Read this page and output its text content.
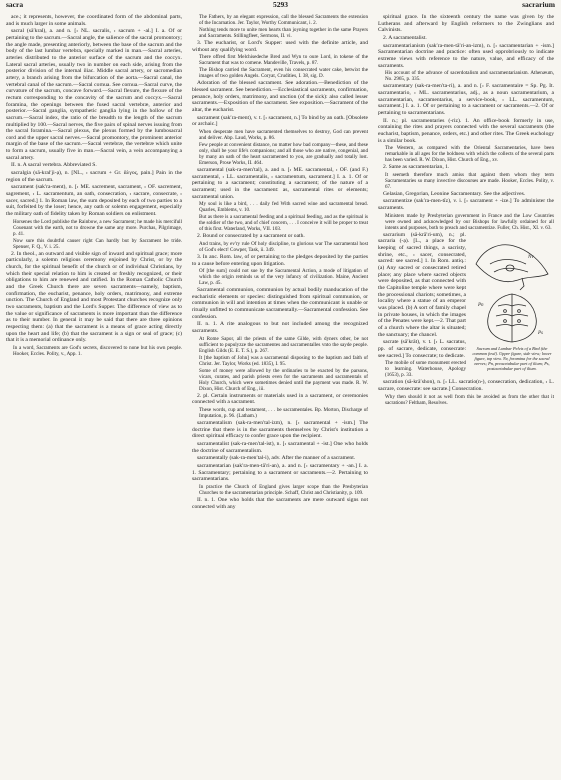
sacra	5293	sacrarium

ace.; it represents, however, the coordinated form of the abdominal parts, and is much larger in some animals.

sacral (sā′kral), a. and n. [‹ NL. sacralis, ‹ sacrum + -al.] I. a. Of or pertaining to the sacrum.—Sacral angle, the salience of the sacral promontory; the angle made, presenting anteriorly, between the base of the sacrum and the body of the last lumbar vertebra, specially marked in man.—Sacral arteries, arteries distributed to the anterior surface of the sacrum and the coccyx. Lateral sacral arteries, usually two in number on each side, arising from the posterior division of the internal iliac. Middle sacral artery, or sacromedian artery, a branch arising from the bifurcation of the aorta.—Sacral canal, the vertebral canal of the sacrum.—Sacral cornua. See cornua.—Sacral curve, the curvature of the sacrum, concave forward.—Sacral flexure, the flexure of the rectum corresponding to the concavity of the sacrum and coccyx.—Sacral foramina, the openings between the fused sacral vertebræ, anterior and posterior.—Sacral ganglia, sympathetic ganglia lying in the hollow of the sacrum.—Sacral index, the ratio of the breadth to the length of the sacrum multiplied by 100.—Sacral nerves, the five pairs of spinal nerves issuing from the sacral foramina.—Sacral plexus, the plexus formed by the lumbosacral cord and the upper sacral nerves.—Sacral promontory, the prominent anterior margin of the base of the sacrum.—Sacral vertebræ, the vertebræ which unite to form a sacrum, usually five in man.—Sacral vein, a vein accompanying a sacral artery.

II. n. A sacral vertebra. Abbreviated S.

sacralgia (sā-kral′ji-ạ), n. [NL., ‹ sacrum + Gr. ἄλγος, pain.] Pain in the region of the sacrum.

sacrament (sak′ra-ment), n. [‹ ME. sacrement, sacrament, ‹ OF. sacrement, sagrement, ‹ L. sacramentum, an oath, consecration, ‹ sacrare, consecrate, ‹ sacer, sacred.] 1. In Roman law, the sum deposited by each of two parties to a suit, forfeited by the loser; hence, any oath or solemn engagement, especially the military oath of fidelity taken by Roman soldiers on enlistment.

Horsenes the Lord publishe the Rainbow, a new Sacrament; he made his mercifull Couenant with the earth, not to drowne the same any more. Purchas, Pilgrimage, p. 41.

Now sure this doubtful causer right Can hardly but by Sacrament be tride. Spenser, F. Q., V. i. 25.

2. In theol., an outward and visible sign of inward and spiritual grace; more particularly, a solemn religious ceremony enjoined by Christ, or by the church, for the spiritual benefit of the church or of individual Christians, by which their special relation to him is created or freshly recognized, or their obligations to him are renewed and ratified. In the Roman Catholic Church and the Greek Church there are seven sacraments—namely, baptism, confirmation, the eucharist, penance, holy orders, matrimony, and extreme unction. The Church of England and most Protestant churches recognize only two sacraments, baptism and the Lord's Supper. The difference of view as to the value or significance of sacraments is more important than the difference as to their number. In general it may be said that there are three opinions respecting them: (a) that the sacrament is a means of grace acting directly upon the heart and life; (b) that the sacrament is a sign or seal of grace; (c) that it is a memorial ordinance only.

In a word, Sacraments are God's secrets, discovered to none but his own people. Hooker, Eccles. Polity, v., App. 1.

The Fathers, by an elegant expression, call the blessed Sacraments the extension of the Incarnation. Jer. Taylor, Worthy Communicant, i. 2.

Nothing tends more to unite men hearts than joyning together in the same Prayers and Sacraments. Stillingfleet, Sermons, II. vi.

3. The eucharist, or Lord's Supper: used with the definite article, and without any qualifying word.

There offred first Melchisedeche Bred and Wyn to oure Lord, in tokene of the Sacrament that was to comene. Mandeville, Travels, p. 87.

The Bishop carried the Sacrament, even his consecrated water cake, betwixt the images of two golden Angels. Coryat, Crudities, I. 38, sig. D.

Adoration of the blessed sacrament. See adoration.—Benediction of the blessed sacrament. See benediction.—Ecclesiastical sacraments, confirmation, penance, holy orders, matrimony, and unction (of the sick): also called lesser sacraments.—Exposition of the sacrament. See exposition.—Sacrament of the altar, the eucharist.

sacrament (sak′ra-ment), v. t. [‹ sacrament, n.] To bind by an oath. [Obsolete or archaic.]

When desperate men have sacramented themselves to destroy, God can prevent and deliver. Abp. Laud, Works, p. 86.

Few people at convenient distance, no matter how bad company—these, and these only, shall be your life's companions; and all those who are native, congenial, and by many an oath of the heart sacramented to you, are gradually and totally lost. Emerson, Prose Works, II. 464.

sacramental (sak-ra-men′tal), a. and n. [‹ ME. sacramental, ‹ OF. (and F.) sacramental, ‹ LL. sacramentalis, ‹ sacramentum, sacrament.] I. a. 1. Of or pertaining to a sacrament; constituting a sacrament; of the nature of a sacrament; used in the sacrament: as, sacramental rites or elements; sacramental union.

My soul is like a bird, . . . daily fed With sacred wine and sacramental bread. Quarles, Emblems, v. 10.

But as there is a sacramental feeding and a spiritual feeding, and as the spiritual is the soldier of the two, and of chief concern, . . . I conceive it will be proper to treat of this first. Waterland, Works, VII. 103.

2. Bound or consecrated by a sacrament or oath.

And trains, by ev'ry rule Of holy discipline, to glorious war The sacramental host of God's elect! Cowper, Task, ii. 349.

3. In anc. Rom. law, of or pertaining to the pledges deposited by the parties to a cause before entering upon litigation.

Of [the sum] could not sue by the Sacramental Action, a mode of litigation of which the origin reminds us of the very infancy of civilization. Maine, Ancient Law, p. 45.

Sacramental communion, communion by actual bodily manducation of the eucharistic elements or species: distinguished from spiritual communion, or communion in will and intention at times when the communicant is unable or ritually unfitted to communicate sacramentally.—Sacramental confession. See confession.

II. n. 1. A rite analogous to but not included among the recognized sacraments.

At Rome Sapor, all the priests of the same Gilde, with dyners other, be not sufficient to pupulyzze the sacramentes and sacramentalles vnto the sayde people. English Gilds (E. E. T. S.), p. 267.

It [the baptism of John] was a sacramental disposing to the baptism and faith of Christ. Jer. Taylor, Works (ed. 1835), I. 95.

Some of money were allowed by the ordinaries to be exacted by the parsons, vicars, curates, and parish priests even for the sacraments and sacramentals of Holy Church, which were sometimes denied until the payment was made. R. W. Dixon, Hist. Church of Eng., iii.

2. pl. Certain instruments or materials used in a sacrament, or ceremonies connected with a sacrament.

These words, cup and testament, . . . be sacramentales. Bp. Morton, Discharge of Imputation, p. 96. (Latham.)

sacramentalism (sak-ra-men′tal-izm), n. [‹ sacramental + -ism.] The doctrine that there is in the sacraments themselves by Christ's institution a direct spiritual efficacy to confer grace upon the recipient.

sacramentalist (sak-ra-men′tal-ist), n. [‹ sacramental + -ist.] One who holds the doctrine of sacramentalism.

sacramentally (sak-ra-men′tal-i), adv. After the manner of a sacrament.

sacramentarian (sak′ra-men-tā′ri-an), a. and n. [‹ sacramentary + -an.] I. a. 1. Sacramentary; pertaining to a sacrament or sacraments.—2. Pertaining to sacramentarians.

In practice the Church of England gives larger scope than the Presbyterian Churches to the sacramentarian principle. Schaff, Christ and Christianity, p. 109.

II. n. 1. One who holds that the sacraments are mere outward signs not connected with any

spiritual grace. In the sixteenth century the name was given by the Lutherans and afterward by English reformers to the Zwinglians and Calvinists.

2. A sacramentalist.

sacramentarianism (sak′ra-men-tā′ri-an-izm), n. [‹ sacramentarian + -ism.] Sacramentarian doctrine and practice: often used opprobriously to indicate extreme views with reference to the nature, value, and efficacy of the sacraments.

His account of the advance of sacerdotalism and sacramentarianism. Athenæum, No. 2965, p. 335.

sacramentary (sak-ra-men′ta-ri), a. and n. [‹ F. sacramentaire = Sp. Pg. It. sacramentario, ‹ ML. sacramentarius, adj., as a noun sacramentarium, a sacramentarian, sacramentarius, a service-book, ‹ LL. sacramentum, sacrament.] I. a. 1. Of or pertaining to a sacrament or sacraments.—2. Of or pertaining to sacramentarians.

II. n.; pl. sacramentaries (-riz). 1. An office-book formerly in use, containing the rites and prayers connected with the several sacraments (the eucharist, baptism, penance, orders, etc.) and other rites. The Greek euchology is a similar book.

The Western, as compared with the Oriental Sacramentaries, have been remarkable in all ages for the boldness with which the collects of the several parts has been varied. R. W. Dixon, Hist. Church of Eng., xv.

2. Same as sacramentarian, 1.

It seemeth therefore much amiss that against them whom they term Sacramentaries so many invective discourses are made. Hooker, Eccles. Polity, v. 67.

Gelasian, Gregorian, Leonine Sacramentary. See the adjectives.

sacramentize (sak′ra-men-tīz), v. i. [‹ sacrament + -ize.] To administer the sacraments.

Ministers made by Presbyterian government in France and the Low Countries were owned and acknowledged by our Bishops for lawfully ordained for all intents and purposes, both to preach and sacramentize. Fuller, Ch. Hist., XI. v. 63.

Nv
Pn
Ps
Sacrum and Lumbar Pelvis of a Bird (the common fowl). Upper figure, side view; lower figure, top view. Nv, foramina for the sacral nerves; Pn, preacetabular part of ilium; Ps, postacetabular part of ilium.

sacrarium (sā-krā′ri-um), n.; pl. sacraria (-ạ). [L., a place for the keeping of sacred things, a sacristy, shrine, etc., ‹ sacer, consecrated, sacred: see sacred.] 1. In Rom. antiq.: (a) Any sacred or consecrated retired place; any place where sacred objects were deposited, as that connected with the Capitoline temple where were kept the processional chariots; sometimes, a locality where a statue of an emperor was placed. (b) A sort of family chapel in private houses, in which the images of the Penates were kept.—2. That part of a church where the altar is situated; the sanctuary; the chancel.

sacrate (sā′krāt), v. t. [‹ L. sacratus, pp. of sacrare, dedicate, consecrate: see sacred.] To consecrate; to dedicate.

The mobile of some monument erected to learning. Waterhouse, Apology (1653), p. 33.

sacration (sā-krā′shon), n. [‹ LL. sacratio(n-), consecration, dedication, ‹ L. sacrare, consecrate: see sacrate.] Consecration.

Why then should it not as well from this be avoided as from the other that it sacrations? Feltham, Resolves.
